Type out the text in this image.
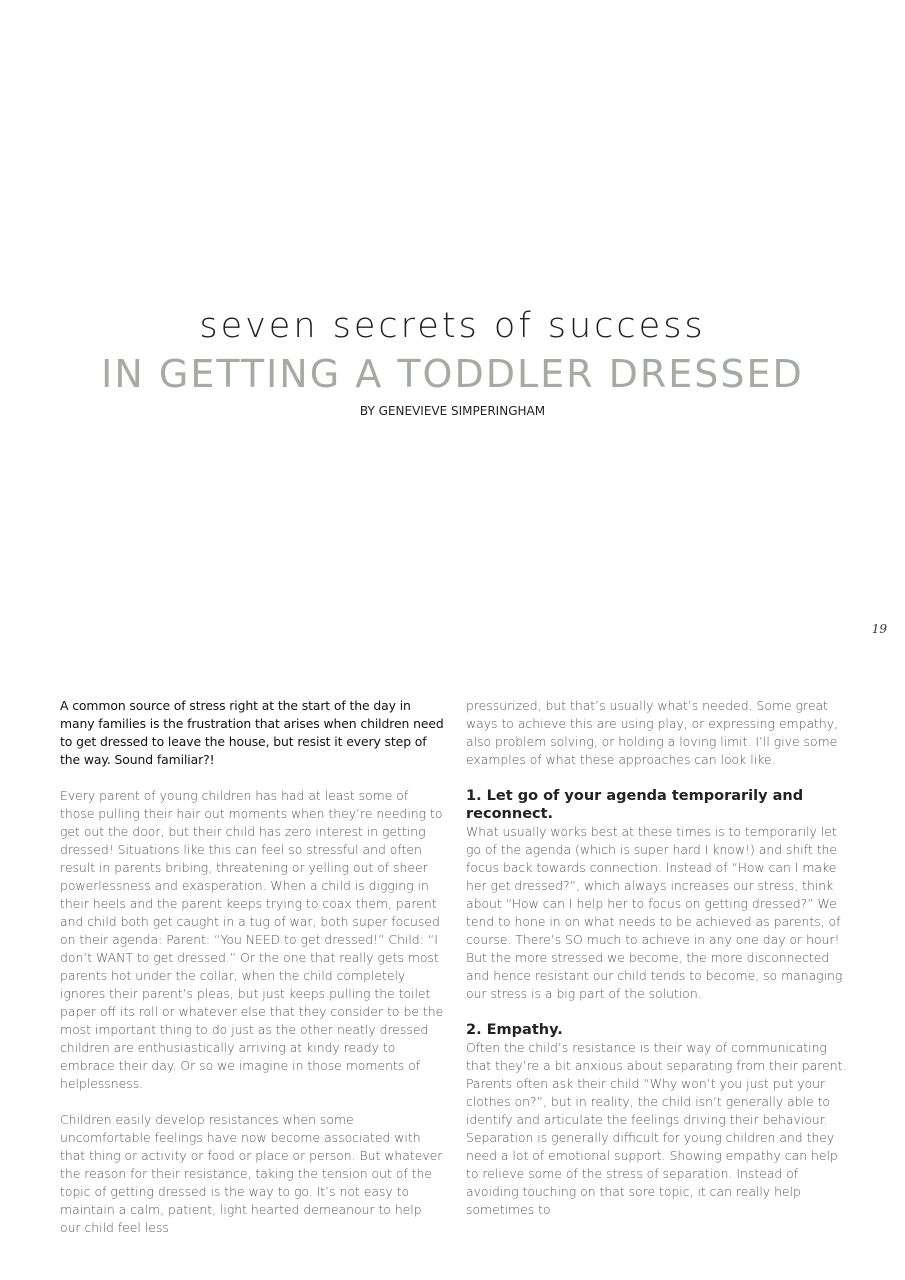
seven secrets of success
IN GETTING A TODDLER DRESSED
BY GENEVIEVE SIMPERINGHAM
19

A common source of stress right at the start of the day in many families is the frustration that arises when children need to get dressed to leave the house, but resist it every step of the way. Sound familiar?!

Every parent of young children has had at least some of those pulling their hair out moments when they’re needing to get out the door, but their child has zero interest in getting dressed! Situations like this can feel so stressful and often result in parents bribing, threatening or yelling out of sheer powerlessness and exasperation. When a child is digging in their heels and the parent keeps trying to coax them, parent and child both get caught in a tug of war, both super focused on their agenda: Parent: “You NEED to get dressed!” Child: “I don’t WANT to get dressed.” Or the one that really gets most parents hot under the collar, when the child completely ignores their parent’s pleas, but just keeps pulling the toilet paper off its roll or whatever else that they consider to be the most important thing to do just as the other neatly dressed children are enthusiastically arriving at kindy ready to embrace their day. Or so we imagine in those moments of helplessness.

Children easily develop resistances when some uncomfortable feelings have now become associated with that thing or activity or food or place or person. But whatever the reason for their resistance, taking the tension out of the topic of getting dressed is the way to go. It’s not easy to maintain a calm, patient, light hearted demeanour to help our child feel less

pressurized, but that’s usually what’s needed. Some great ways to achieve this are using play, or expressing empathy, also problem solving, or holding a loving limit. I’ll give some examples of what these approaches can look like.

1. Let go of your agenda temporarily and reconnect.

What usually works best at these times is to temporarily let go of the agenda (which is super hard I know!) and shift the focus back towards connection. Instead of “How can I make her get dressed?”, which always increases our stress, think about “How can I help her to focus on getting dressed?” We tend to hone in on what needs to be achieved as parents, of course. There’s SO much to achieve in any one day or hour! But the more stressed we become, the more disconnected and hence resistant our child tends to become, so managing our stress is a big part of the solution.

2. Empathy.

Often the child’s resistance is their way of communicating that they’re a bit anxious about separating from their parent. Parents often ask their child “Why won’t you just put your clothes on?”, but in reality, the child isn’t generally able to identify and articulate the feelings driving their behaviour. Separation is generally difficult for young children and they need a lot of emotional support. Showing empathy can help to relieve some of the stress of separation. Instead of avoiding touching on that sore topic, it can really help sometimes to
